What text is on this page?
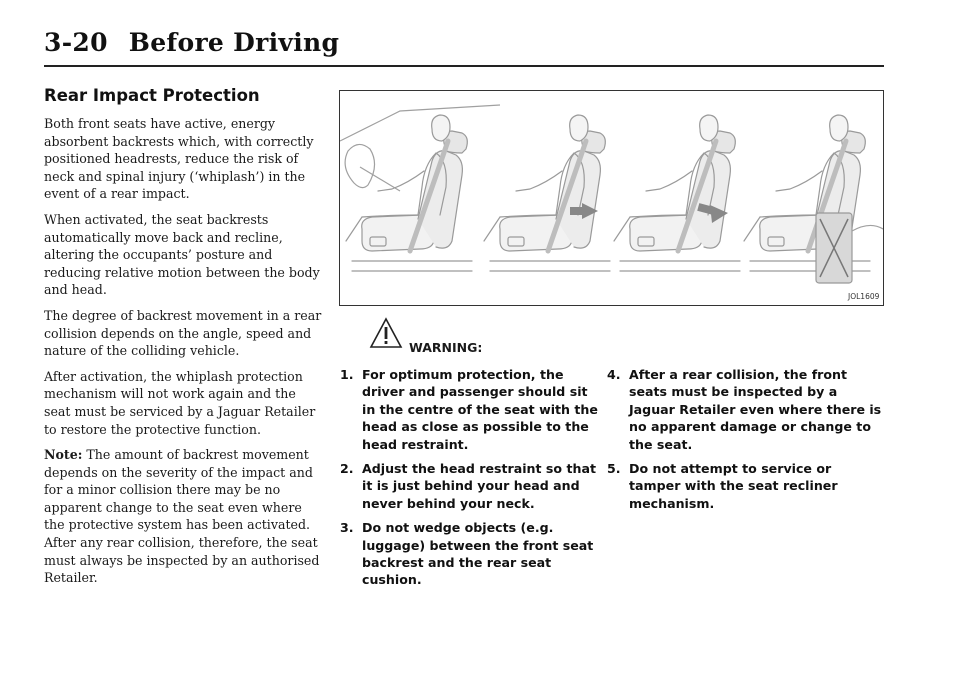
3-20 Before Driving
Rear Impact Protection

Both front seats have active, energy absorbent backrests which, with correctly positioned headrests, reduce the risk of neck and spinal injury (‘whiplash’) in the event of a rear impact.

When activated, the seat backrests automatically move back and recline, altering the occupants’ posture and reducing relative motion between the body and head.

The degree of backrest movement in a rear collision depends on the angle, speed and nature of the colliding vehicle.

After activation, the whiplash protection mechanism will not work again and the seat must be serviced by a Jaguar Retailer to restore the protective function.

Note: The amount of backrest movement depends on the severity of the impact and for a minor collision there may be no apparent change to the seat even where the protective system has been activated. After any rear collision, therefore, the seat must always be inspected by an authorised Retailer.

JOL1609
WARNING:
1. For optimum protection, the driver and passenger should sit in the centre of the seat with the head as close as possible to the head restraint.
2. Adjust the head restraint so that it is just behind your head and never behind your neck.
3. Do not wedge objects (e.g. luggage) between the front seat backrest and the rear seat cushion.
4. After a rear collision, the front seats must be inspected by a Jaguar Retailer even where there is no apparent damage or change to the seat.
5. Do not attempt to service or tamper with the seat recliner mechanism.
